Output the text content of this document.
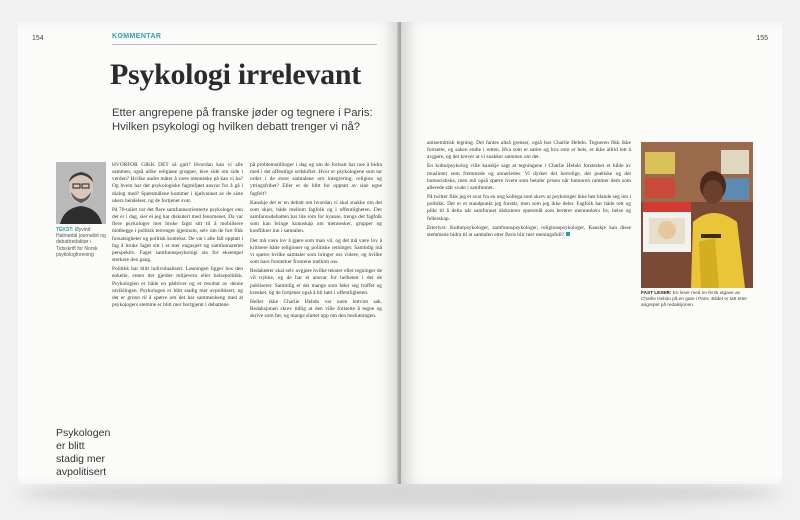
154	KOMMENTAR
Psykologi irrelevant

Etter angrepene på franske jøder og tegnere i Paris: Hvilken psykologi og hvilken debatt trenger vi nå?

TEKST: Øyvind Halmødal journalist og debattredaktør i Tidsskrift for Norsk psykologforening
Psykologen er blitt stadig mer avpolitisert

HVORFOR GIKK DET så galt? Hvordan kan vi alle sammen, også ulike religiøse grupper, leve side om side i verden? Hvilke andre måter å være menneske på kan vi ha? Og hvem har det psykologiske fagmiljøet ansvar for å gå i dialog med? Spørsmålene kommer i kjølvannet av de siste ukers hendelser, og de fortjener svar.

På 70-tallet var det flere samfunnsorienterte psykologer enn det er i dag, sier ei jeg har diskutert med fenomenet. Da var flere psykologer mer bruke fagst sitt til å mobilisere motbegge i politisk terrenget igjennom, selv om de fort fikk forsatsigheter og politisk kontekst. De var i alle fall opptatt i fag å bruke faget sitt i et mer engasjert og samfunnsrettet perspektiv. Faget samfunnspsykologi sto for eksempel sterkere den gang.

Politikk har blitt individualisert. Løsningen ligger hos den enkelte, enten det gjelder miljøvern eller helsepolitikk. Psykologien er både en pådriver og et resultat av denne utviklingen. Psykologen er blitt stadig mer avpolitisert, og det er grunn til å spørre om det har sammenheng med at psykologers stemme er blitt mer bortgjemt i debattene.

på problemstillinger i dag og om de fortsatt har noe å bidra med i det offentlige ordskiftet. Hvor er psykologene som tar ordet i de store samtalene om integrering, religion og ytringsfrihet? Eller er de blitt for opptatt av sine egne fagfelt?

Kanskje det er en debatt om hvordan vi skal snakke om det som skjer, både mellom fagfolk og i offentligheten. Der samfunnsdebatten har lite rom for nyanse, trengs det fagfolk som kan bringe kunnskap om mennesker, grupper og konflikter inn i samtalen.

Det må være lov å gjøre som man vil, og det må være lov å kritisere både religioner og politiske retninger. Samtidig må vi spørre hvilke samtaler som bringer oss videre, og hvilke som bare forsterker frontene mellom oss.

Redaktører skal selv avgjøre hvilke tekster eller tegninger de vil trykke, og de har et ansvar for helheten i det de publiserer. Samtidig er det mange som føler seg truffet og krenket, og de fortjener også å bli hørt i offentligheten.

Heller ikke Charlie Hebdo var noen lettvint sak. Redaksjonen skrev tidlig at den ville fortsette å tegne og skrive som før, og mange sluttet opp om den beslutningen.

155

antisemittisk tegning. Det fantes altså grenser, også hos Charlie Hebdo. Tegneren fikk ikke fortsette, og saken endte i retten. Hva som er satire og hva som er hets, er ikke alltid lett å avgjøre, og det krever at vi snakker sammen om det.

En kulturpsykolog ville kanskje sagt at tegningene i Charlie Hebdo forsterket et bilde av muslimer som fremmede og annerledes. Vi dyrker det herrelige, det poetiske og det humoristiske, men må også spørre hvem som betaler prisen når humoren rammer dem som allerede står svakt i samfunnet.

På twitter fikk jeg et svar fra en ung kollega som skrev at psykologer ikke bør blande seg inn i politikk. Det er et standpunkt jeg forstår, men som jeg ikke deler. Fagfolk har både rett og plikt til å delta når samfunnet diskuterer spørsmål som berører menneskers liv, helse og fellesskap.

Etterlyst: Kulturpsykologer, samfunnspsykologer, religionspsykologer. Kanskje kan disse stemmene bidra til at samtalen etter Paris blir mer meningsfull?

FAST LESER: En leser med en fersk utgave av Charlie Hebdo på en gate i Paris. Bildet er tatt etter angrepet på redaksjonen.
